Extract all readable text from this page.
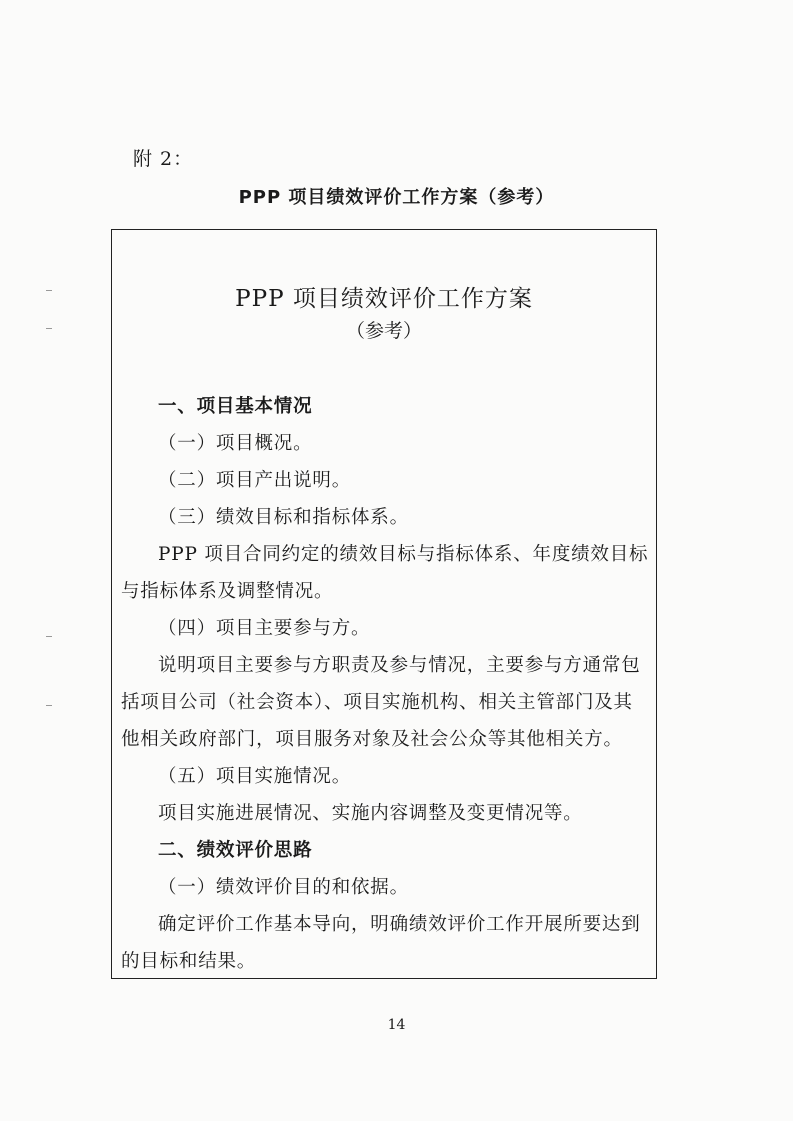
附 2：
PPP 项目绩效评价工作方案（参考）
PPP 项目绩效评价工作方案
（参考）

一、项目基本情况

（一）项目概况。

（二）项目产出说明。

（三）绩效目标和指标体系。

PPP 项目合同约定的绩效目标与指标体系、年度绩效目标与指标体系及调整情况。

（四）项目主要参与方。

说明项目主要参与方职责及参与情况，主要参与方通常包括项目公司（社会资本）、项目实施机构、相关主管部门及其他相关政府部门，项目服务对象及社会公众等其他相关方。

（五）项目实施情况。

项目实施进展情况、实施内容调整及变更情况等。

二、绩效评价思路

（一）绩效评价目的和依据。

确定评价工作基本导向，明确绩效评价工作开展所要达到的目标和结果。

14
